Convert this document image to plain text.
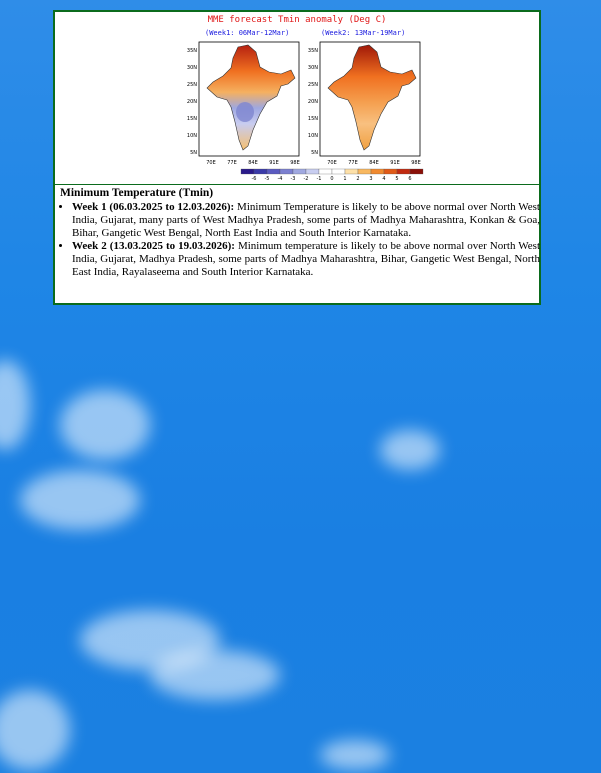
MME forecast Tmin anomaly (Deg C)
(Week1: 06Mar-12Mar)	(Week2: 13Mar-19Mar)
35N
30N
25N
20N
15N
10N
5N
35N
30N
25N
20N
15N
10N
5N
70E 77E 84E 91E 98E	70E 77E 84E 91E 98E
-6 -5 -4 -3 -2 -1 0 1 2 3 4 5 6
Minimum Temperature (Tmin)
• Week 1 (06.03.2025 to 12.03.2026): Minimum Temperature is likely to be above normal over North West India, Gujarat, many parts of West Madhya Pradesh, some parts of Madhya Maharashtra, Konkan & Goa, Bihar, Gangetic West Bengal, North East India and South Interior Karnataka.
• Week 2 (13.03.2025 to 19.03.2026): Minimum temperature is likely to be above normal over North West India, Gujarat, Madhya Pradesh, some parts of Madhya Maharashtra, Bihar, Gangetic West Bengal, North East India, Rayalaseema and South Interior Karnataka.
